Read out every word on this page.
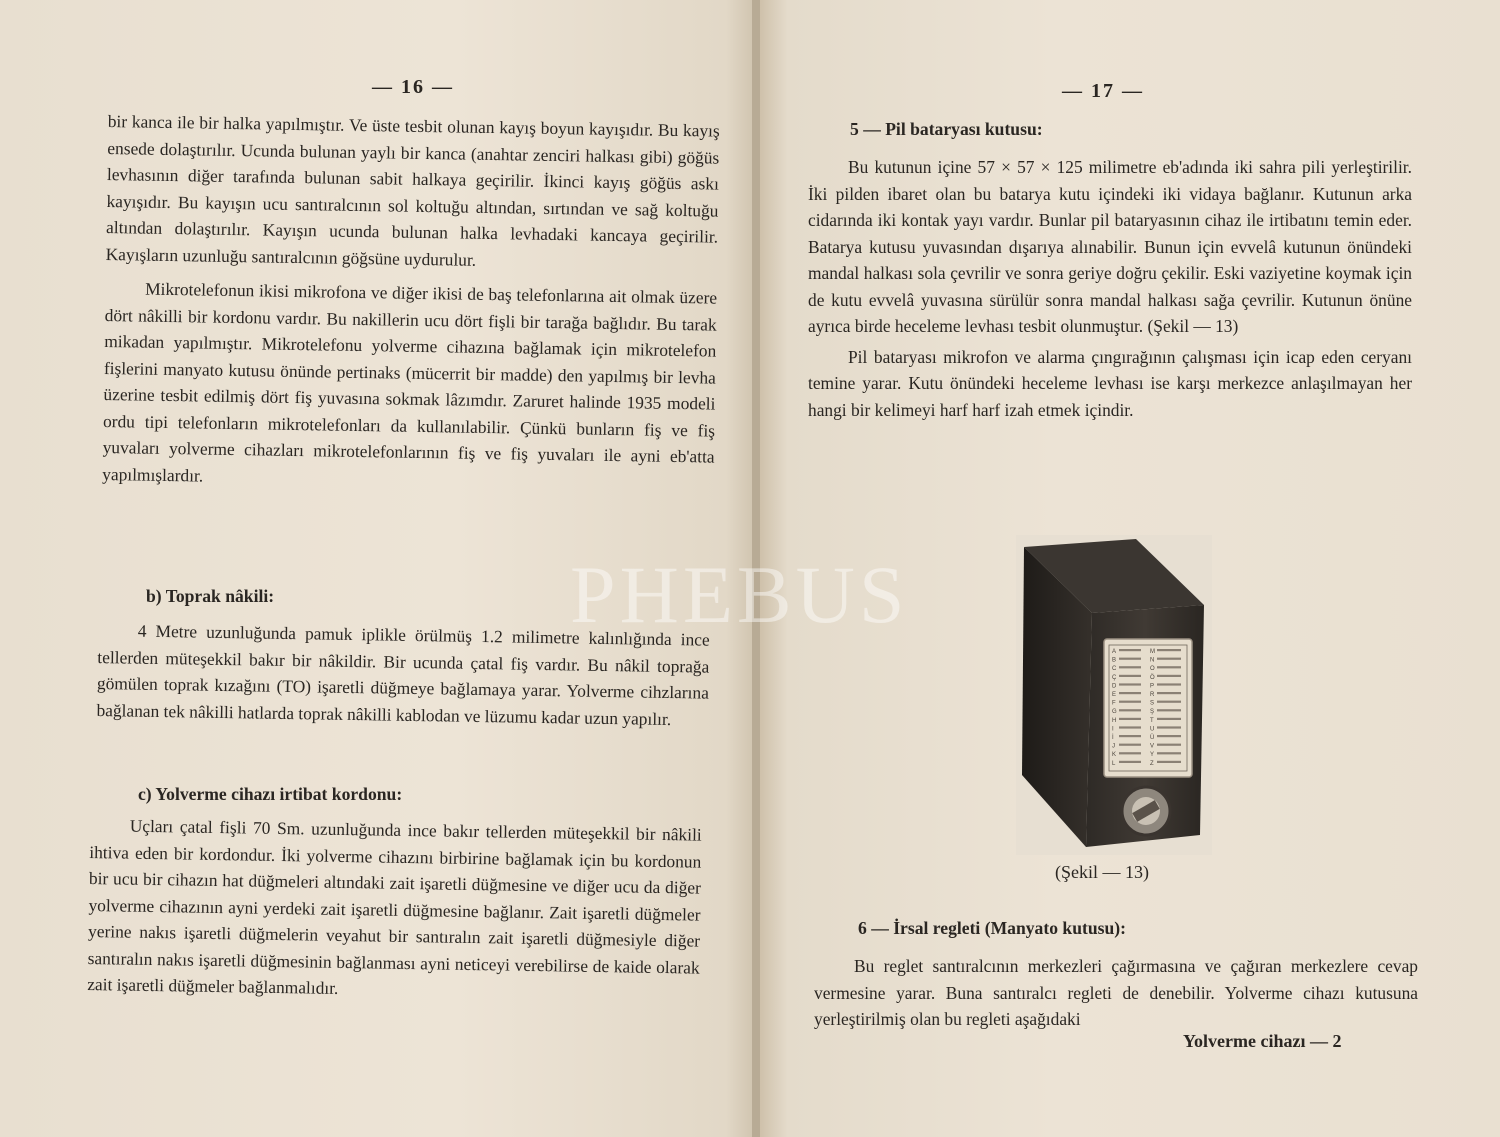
— 16 —

bir kanca ile bir halka yapılmıştır. Ve üste tesbit olunan kayış boyun kayışıdır. Bu kayış ensede dolaştırılır. Ucunda bulunan yaylı bir kanca (anahtar zenciri halkası gibi) göğüs levhasının diğer tarafında bulunan sabit halkaya geçirilir. İkinci kayış göğüs askı kayışıdır. Bu kayışın ucu santıralcının sol koltuğu altından, sırtından ve sağ koltuğu altından dolaştırılır. Kayışın ucunda bulunan halka levhadaki kancaya geçirilir. Kayışların uzunluğu santıralcının göğsüne uydurulur.

Mikrotelefonun ikisi mikrofona ve diğer ikisi de baş telefonlarına ait olmak üzere dört nâkilli bir kordonu vardır. Bu nakillerin ucu dört fişli bir tarağa bağlıdır. Bu tarak mikadan yapılmıştır. Mikrotelefonu yolverme cihazına bağlamak için mikrotelefon fişlerini manyato kutusu önünde pertinaks (mücerrit bir madde) den yapılmış bir levha üzerine tesbit edilmiş dört fiş yuvasına sokmak lâzımdır. Zaruret halinde 1935 modeli ordu tipi telefonların mikrotelefonları da kullanılabilir. Çünkü bunların fiş ve fiş yuvaları yolverme cihazları mikrotelefonlarının fiş ve fiş yuvaları ile ayni eb'atta yapılmışlardır.

b) Toprak nâkili:

4 Metre uzunluğunda pamuk iplikle örülmüş 1.2 milimetre kalınlığında ince tellerden müteşekkil bakır bir nâkildir. Bir ucunda çatal fiş vardır. Bu nâkil toprağa gömülen toprak kızağını (TO) işaretli düğmeye bağlamaya yarar. Yolverme cihzlarına bağlanan tek nâkilli hatlarda toprak nâkilli kablodan ve lüzumu kadar uzun yapılır.

c) Yolverme cihazı irtibat kordonu:

Uçları çatal fişli 70 Sm. uzunluğunda ince bakır tellerden müteşekkil bir nâkili ihtiva eden bir kordondur. İki yolverme cihazını birbirine bağlamak için bu kordonun bir ucu bir cihazın hat düğmeleri altındaki zait işaretli düğmesine ve diğer ucu da diğer yolverme cihazının ayni yerdeki zait işaretli düğmesine bağlanır. Zait işaretli düğmeler yerine nakıs işaretli düğmelerin veyahut bir santıralın zait işaretli düğmesiyle diğer santıralın nakıs işaretli düğmesinin bağlanması ayni neticeyi verebilirse de kaide olarak zait işaretli düğmeler bağlanmalıdır.

— 17 —
5 — Pil bataryası kutusu:

Bu kutunun içine 57 × 57 × 125 milimetre eb'adında iki sahra pili yerleştirilir. İki pilden ibaret olan bu batarya kutu içindeki iki vidaya bağlanır. Kutunun arka cidarında iki kontak yayı vardır. Bunlar pil bataryasının cihaz ile irtibatını temin eder. Batarya kutusu yuvasından dışarıya alınabilir. Bunun için evvelâ kutunun önündeki mandal halkası sola çevrilir ve sonra geriye doğru çekilir. Eski vaziyetine koymak için de kutu evvelâ yuvasına sürülür sonra mandal halkası sağa çevrilir. Kutunun önüne ayrıca birde heceleme levhası tesbit olunmuştur. (Şekil — 13)

Pil bataryası mikrofon ve alarma çıngırağının çalışması için icap eden ceryanı temine yarar. Kutu önündeki heceleme levhası ise karşı merkezce anlaşılmayan her hangi bir kelimeyi harf harf izah etmek içindir.

A
B
C
Ç
D
E
F
G
H
I
İ
J
K
L
M
N
O
Ö
P
R
S
Ş
T
U
Ü
V
Y
Z
(Şekil — 13)
6 — İrsal regleti (Manyato kutusu):

Bu reglet santıralcının merkezleri çağırmasına ve çağıran merkezlere cevap vermesine yarar. Buna santıralcı regleti de denebilir. Yolverme cihazı kutusuna yerleştirilmiş olan bu regleti aşağıdaki

Yolverme cihazı — 2
PHEBUS
